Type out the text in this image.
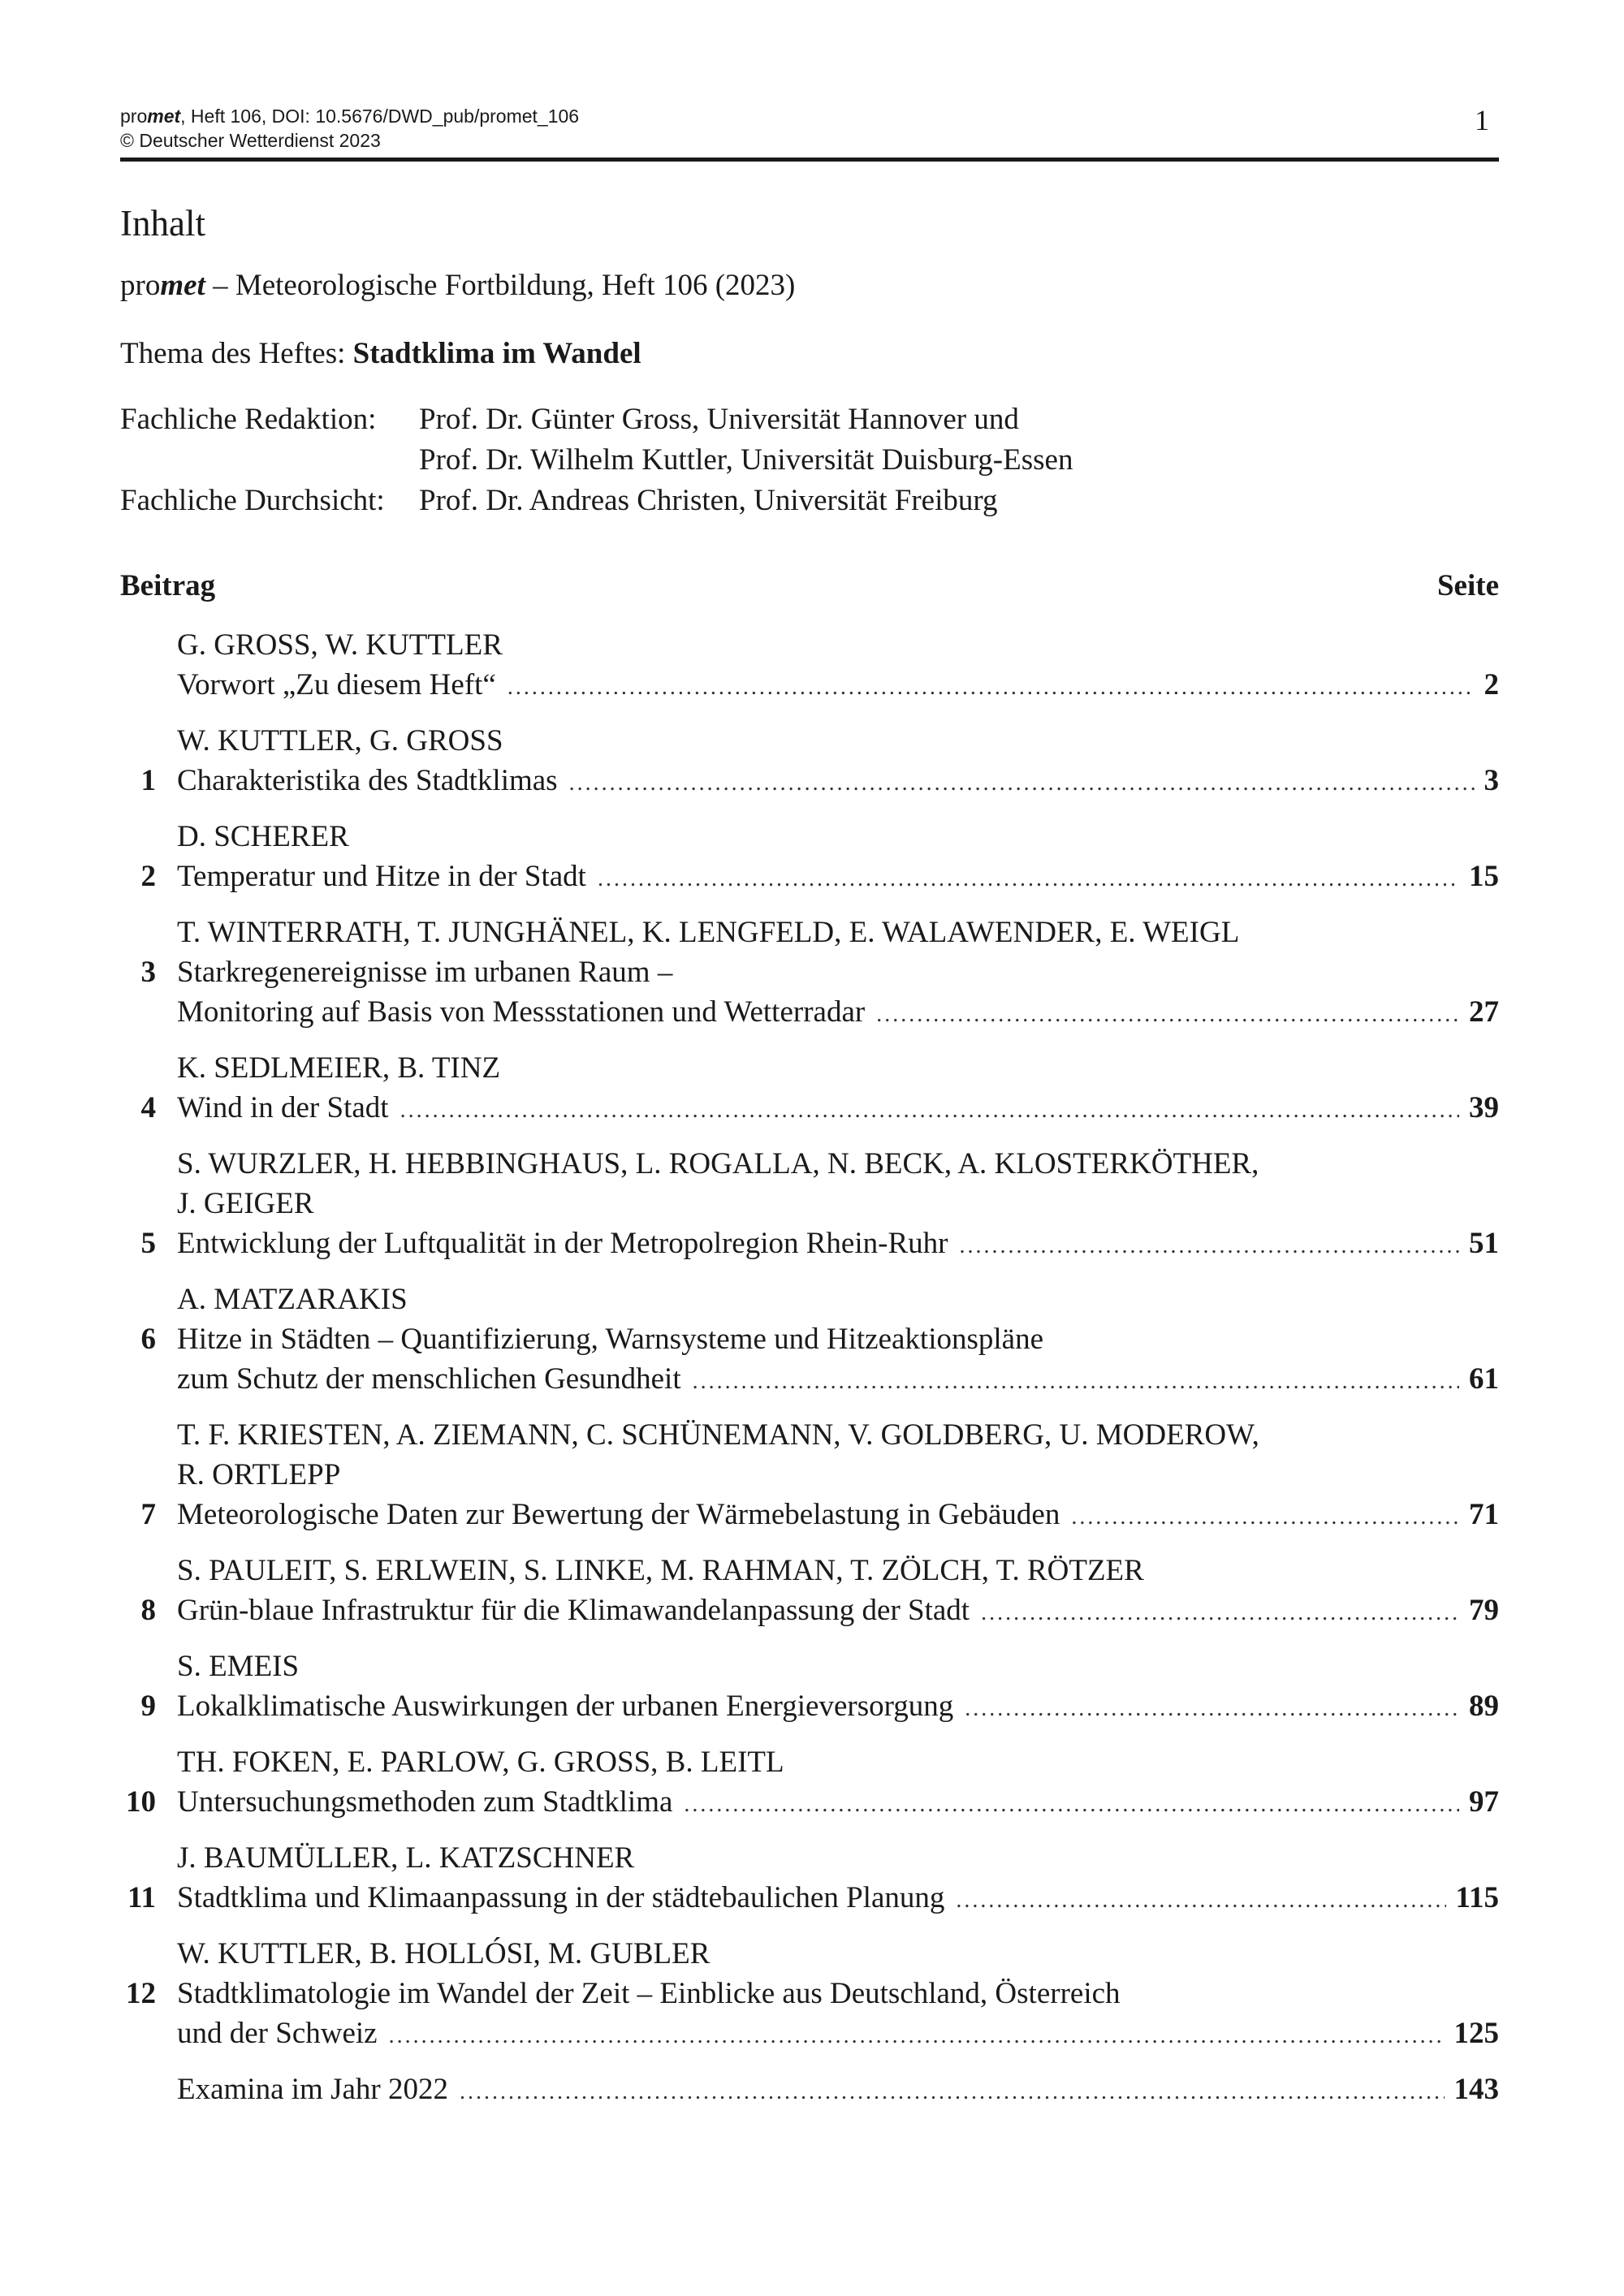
promet, Heft 106, DOI: 10.5676/DWD_pub/promet_106
© Deutscher Wetterdienst 2023
1
Inhalt
promet – Meteorologische Fortbildung, Heft 106 (2023)
Thema des Heftes: Stadtklima im Wandel
Fachliche Redaktion:	Prof. Dr. Günter Gross, Universität Hannover und
Prof. Dr. Wilhelm Kuttler, Universität Duisburg-Essen
Fachliche Durchsicht:	Prof. Dr. Andreas Christen, Universität Freiburg
Beitrag	Seite
G. GROSS, W. KUTTLER
Vorwort „Zu diesem Heft“ .....	2
W. KUTTLER, G. GROSS
1 Charakteristika des Stadtklimas .....	3
D. SCHERER
2 Temperatur und Hitze in der Stadt .....	15
T. WINTERRATH, T. JUNGHÄNEL, K. LENGFELD, E. WALAWENDER, E. WEIGL
3 Starkregenereignisse im urbanen Raum –
Monitoring auf Basis von Messstationen und Wetterradar .....	27
K. SEDLMEIER, B. TINZ
4 Wind in der Stadt .....	39
S. WURZLER, H. HEBBINGHAUS, L. ROGALLA, N. BECK, A. KLOSTERKÖTHER,
J. GEIGER
5 Entwicklung der Luftqualität in der Metropolregion Rhein-Ruhr .....	51
A. MATZARAKIS
6 Hitze in Städten – Quantifizierung, Warnsysteme und Hitzeaktionspläne
zum Schutz der menschlichen Gesundheit .....	61
T. F. KRIESTEN, A. ZIEMANN, C. SCHÜNEMANN, V. GOLDBERG, U. MODEROW,
R. ORTLEPP
7 Meteorologische Daten zur Bewertung der Wärmebelastung in Gebäuden .....	71
S. PAULEIT, S. ERLWEIN, S. LINKE, M. RAHMAN, T. ZÖLCH, T. RÖTZER
8 Grün-blaue Infrastruktur für die Klimawandelanpassung der Stadt .....	79
S. EMEIS
9 Lokalklimatische Auswirkungen der urbanen Energieversorgung .....	89
TH. FOKEN, E. PARLOW, G. GROSS, B. LEITL
10 Untersuchungsmethoden zum Stadtklima .....	97
J. BAUMÜLLER, L. KATZSCHNER
11 Stadtklima und Klimaanpassung in der städtebaulichen Planung .....	115
W. KUTTLER, B. HOLLÓSI, M. GUBLER
12 Stadtklimatologie im Wandel der Zeit – Einblicke aus Deutschland, Österreich
und der Schweiz .....	125
Examina im Jahr 2022 .....	143
